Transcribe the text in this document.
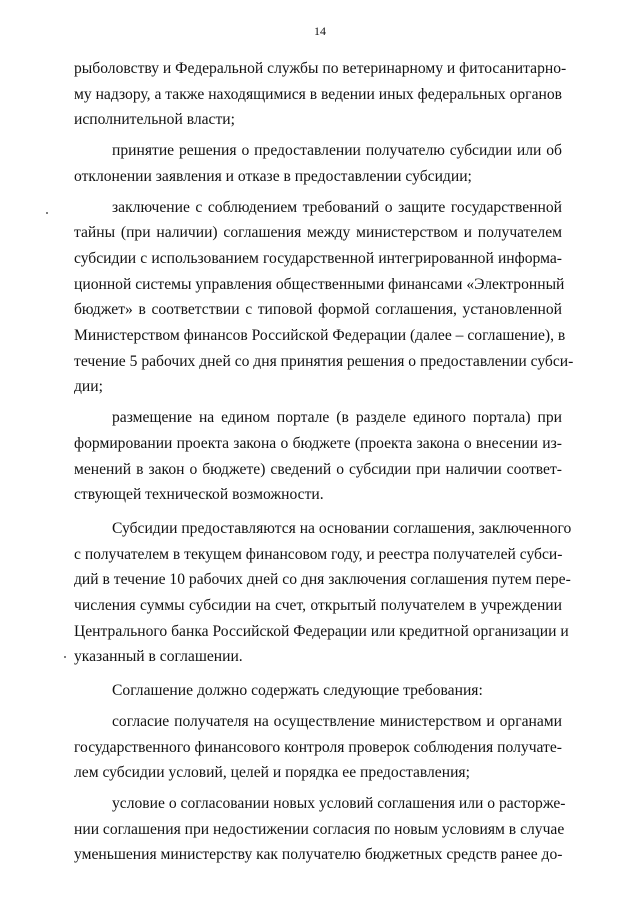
14
рыболовству и Федеральной службы по ветеринарному и фитосанитарно-
му надзору, а также находящимися в ведении иных федеральных органов
исполнительной власти;
принятие решения о предоставлении получателю субсидии или об
отклонении заявления и отказе в предоставлении субсидии;
заключение с соблюдением требований о защите государственной
тайны (при наличии) соглашения между министерством и получателем
субсидии с использованием государственной интегрированной информа-
ционной системы управления общественными финансами «Электронный
бюджет» в соответствии с типовой формой соглашения, установленной
Министерством финансов Российской Федерации (далее – соглашение), в
течение 5 рабочих дней со дня принятия решения о предоставлении субси-
дии;
размещение на едином портале (в разделе единого портала) при
формировании проекта закона о бюджете (проекта закона о внесении из-
менений в закон о бюджете) сведений о субсидии при наличии соответ-
ствующей технической возможности.
Субсидии предоставляются на основании соглашения, заключенного
с получателем в текущем финансовом году, и реестра получателей субси-
дий в течение 10 рабочих дней со дня заключения соглашения путем пере-
числения суммы субсидии на счет, открытый получателем в учреждении
Центрального банка Российской Федерации или кредитной организации и
указанный в соглашении.
Соглашение должно содержать следующие требования:
согласие получателя на осуществление министерством и органами
государственного финансового контроля проверок соблюдения получате-
лем субсидии условий, целей и порядка ее предоставления;
условие о согласовании новых условий соглашения или о расторже-
нии соглашения при недостижении согласия по новым условиям в случае
уменьшения министерству как получателю бюджетных средств ранее до-
